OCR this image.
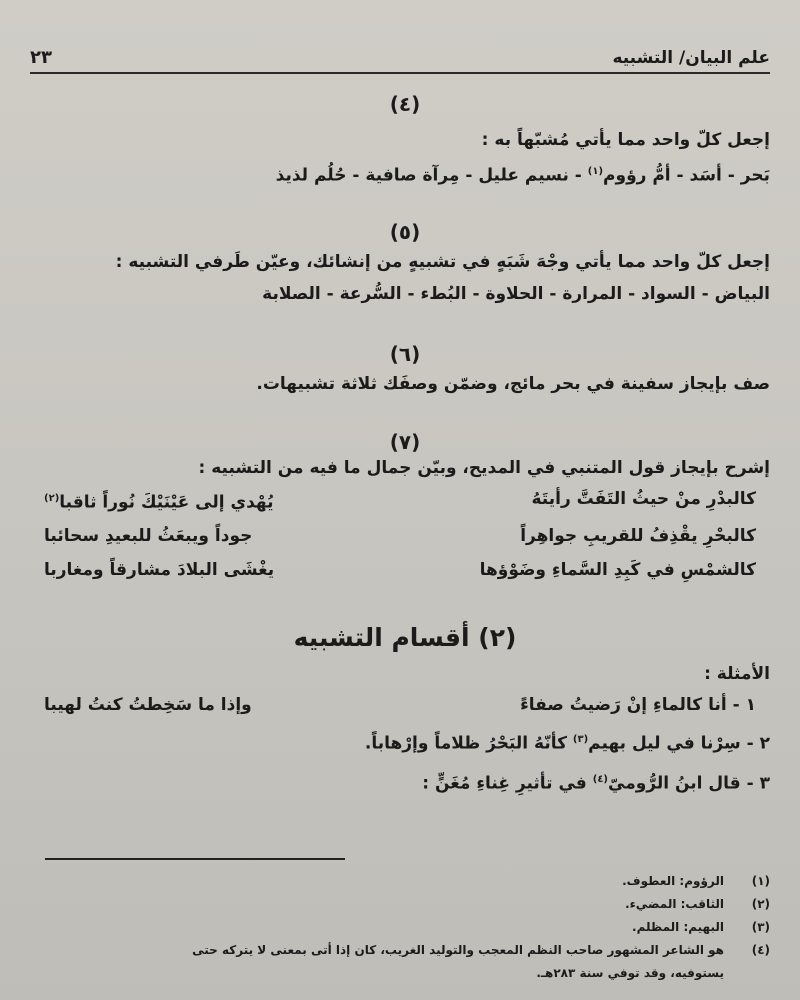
علم البيان/ التشبيه
٢٣

(٤)

إجعل كلّ واحد مما يأتي مُشبّهاً به :

بَحر - أسَد - أمُّ رؤوم$^{(١)}$ - نسيم عليل - مِرآة صافية - حُلُم لذيذ

(٥)

إجعل كلّ واحد مما يأتي وجْهَ شَبَهٍ في تشبيهٍ من إنشائك، وعيّن طَرفي التشبيه :

البياض - السواد - المرارة - الحلاوة - البُطء - السُّرعة - الصلابة

(٦)

صف بإيجاز سفينة في بحر مائج، وضمّن وصفَك ثلاثة تشبيهات.

(٧)

إشرح بإيجاز قول المتنبي في المديح، وبيّن جمال ما فيه من التشبيه :

كالبدْرِ منْ حيثُ التَفَتَّ رأيتَهُ
يُهْدي إلى عَيْنَيْكَ نُوراً ثاقبا$^{(٢)}$
كالبحْرِ يقْذِفُ للقريبِ جواهِراً
جوداً ويبعَثُ للبعيدِ سحائبا
كالشمْسِ في كَبِدِ السَّماءِ وضَوْؤها
يغْشَى البلادَ مشارقاً ومغاربا

(٢) أقسام التشبيه

الأمثلة :

١ - أنا كالماءِ إنْ رَضيتُ صفاءً
وإذا ما سَخِطتُ كنتُ لهيبا

٢ - سِرْنا في ليل بهيم$^{(٣)}$ كأنّهُ البَحْرُ ظلاماً وإرْهاباً.

٣ - قال ابنُ الرُّوميّ$^{(٤)}$ في تأثيرِ غِناءِ مُغَنٍّ :

(١)
الرؤوم: العطوف.
(٢)
الثاقب: المضيء.
(٣)
البهيم: المظلم.
(٤)
هو الشاعر المشهور صاحب النظم المعجب والتوليد الغريب، كان إذا أتى بمعنى لا يتركه حتى
يستوفيه، وقد توفي سنة ٢٨٣هـ.
